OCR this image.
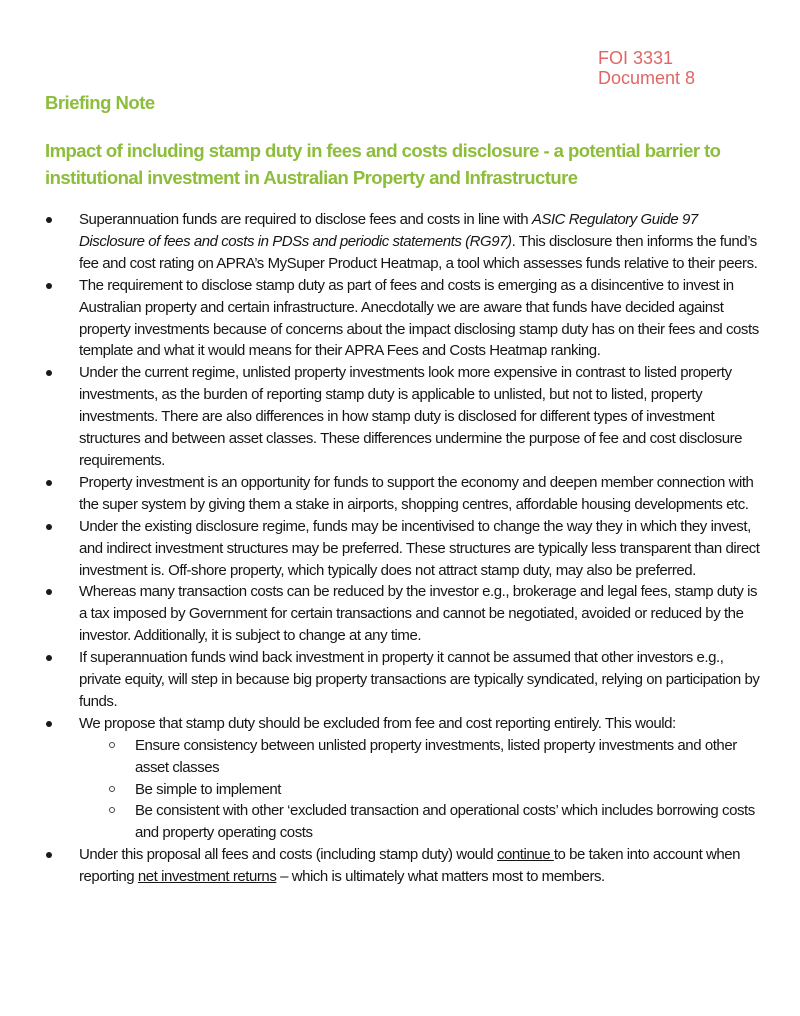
FOI 3331
Document 8
Briefing Note
Impact of including stamp duty in fees and costs disclosure - a potential barrier to institutional investment in Australian Property and Infrastructure
Superannuation funds are required to disclose fees and costs in line with ASIC Regulatory Guide 97 Disclosure of fees and costs in PDSs and periodic statements (RG97). This disclosure then informs the fund’s fee and cost rating on APRA’s MySuper Product Heatmap, a tool which assesses funds relative to their peers.
The requirement to disclose stamp duty as part of fees and costs is emerging as a disincentive to invest in Australian property and certain infrastructure. Anecdotally we are aware that funds have decided against property investments because of concerns about the impact disclosing stamp duty has on their fees and costs template and what it would means for their APRA Fees and Costs Heatmap ranking.
Under the current regime, unlisted property investments look more expensive in contrast to listed property investments, as the burden of reporting stamp duty is applicable to unlisted, but not to listed, property investments. There are also differences in how stamp duty is disclosed for different types of investment structures and between asset classes. These differences undermine the purpose of fee and cost disclosure requirements.
Property investment is an opportunity for funds to support the economy and deepen member connection with the super system by giving them a stake in airports, shopping centres, affordable housing developments etc.
Under the existing disclosure regime, funds may be incentivised to change the way they in which they invest, and indirect investment structures may be preferred. These structures are typically less transparent than direct investment is. Off-shore property, which typically does not attract stamp duty, may also be preferred.
Whereas many transaction costs can be reduced by the investor e.g., brokerage and legal fees, stamp duty is a tax imposed by Government for certain transactions and cannot be negotiated, avoided or reduced by the investor. Additionally, it is subject to change at any time.
If superannuation funds wind back investment in property it cannot be assumed that other investors e.g., private equity, will step in because big property transactions are typically syndicated, relying on participation by funds.
We propose that stamp duty should be excluded from fee and cost reporting entirely. This would:
Ensure consistency between unlisted property investments, listed property investments and other asset classes
Be simple to implement
Be consistent with other ‘excluded transaction and operational costs’ which includes borrowing costs and property operating costs
Under this proposal all fees and costs (including stamp duty) would continue to be taken into account when reporting net investment returns – which is ultimately what matters most to members.
